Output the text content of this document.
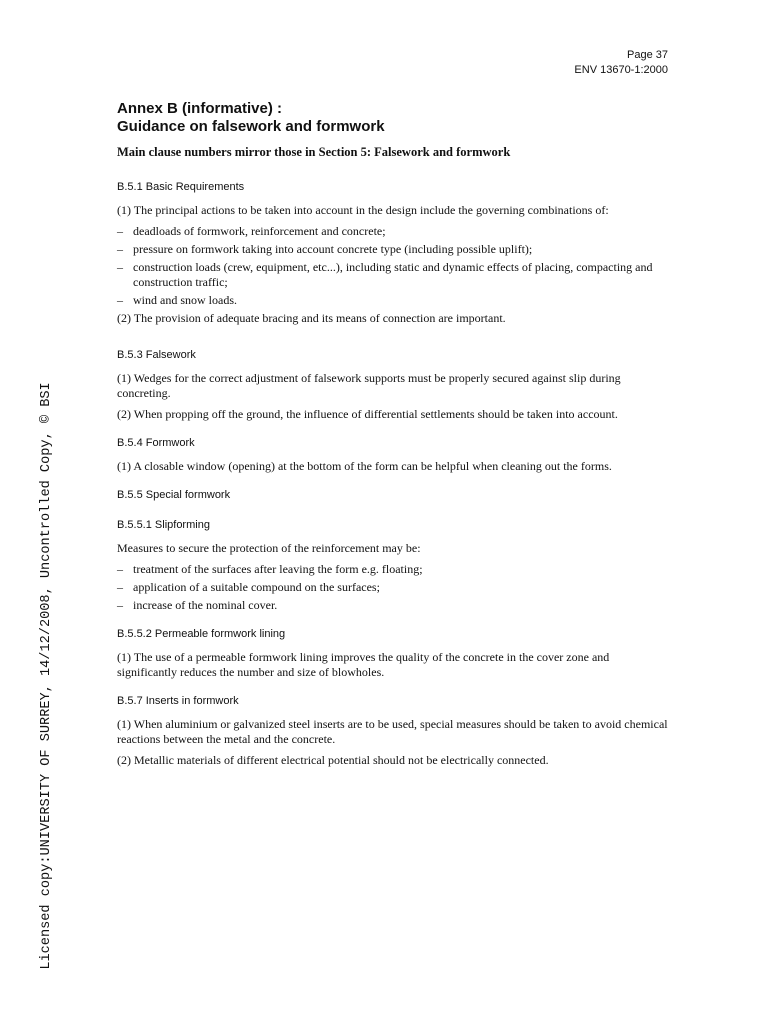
Page 37
ENV 13670-1:2000
Licensed copy:UNIVERSITY OF SURREY, 14/12/2008, Uncontrolled Copy, © BSI
Annex B (informative) :
Guidance on falsework and formwork
Main clause numbers mirror those in Section 5: Falsework and formwork
B.5.1 Basic Requirements

(1) The principal actions to be taken into account in the design include the governing combinations of:

– deadloads of formwork, reinforcement and concrete;
– pressure on formwork taking into account concrete type (including possible uplift);
– construction loads (crew, equipment, etc...), including static and dynamic effects of placing, compacting and construction traffic;
– wind and snow loads.

(2) The provision of adequate bracing and its means of connection are important.

B.5.3 Falsework

(1) Wedges for the correct adjustment of falsework supports must be properly secured against slip during concreting.

(2) When propping off the ground, the influence of differential settlements should be taken into account.

B.5.4 Formwork

(1) A closable window (opening) at the bottom of the form can be helpful when cleaning out the forms.

B.5.5 Special formwork
B.5.5.1 Slipforming

Measures to secure the protection of the reinforcement may be:

– treatment of the surfaces after leaving the form e.g. floating;
– application of a suitable compound on the surfaces;
– increase of the nominal cover.
B.5.5.2 Permeable formwork lining

(1) The use of a permeable formwork lining improves the quality of the concrete in the cover zone and significantly reduces the number and size of blowholes.

B.5.7 Inserts in formwork

(1) When aluminium or galvanized steel inserts are to be used, special measures should be taken to avoid chemical reactions between the metal and the concrete.

(2) Metallic materials of different electrical potential should not be electrically connected.
